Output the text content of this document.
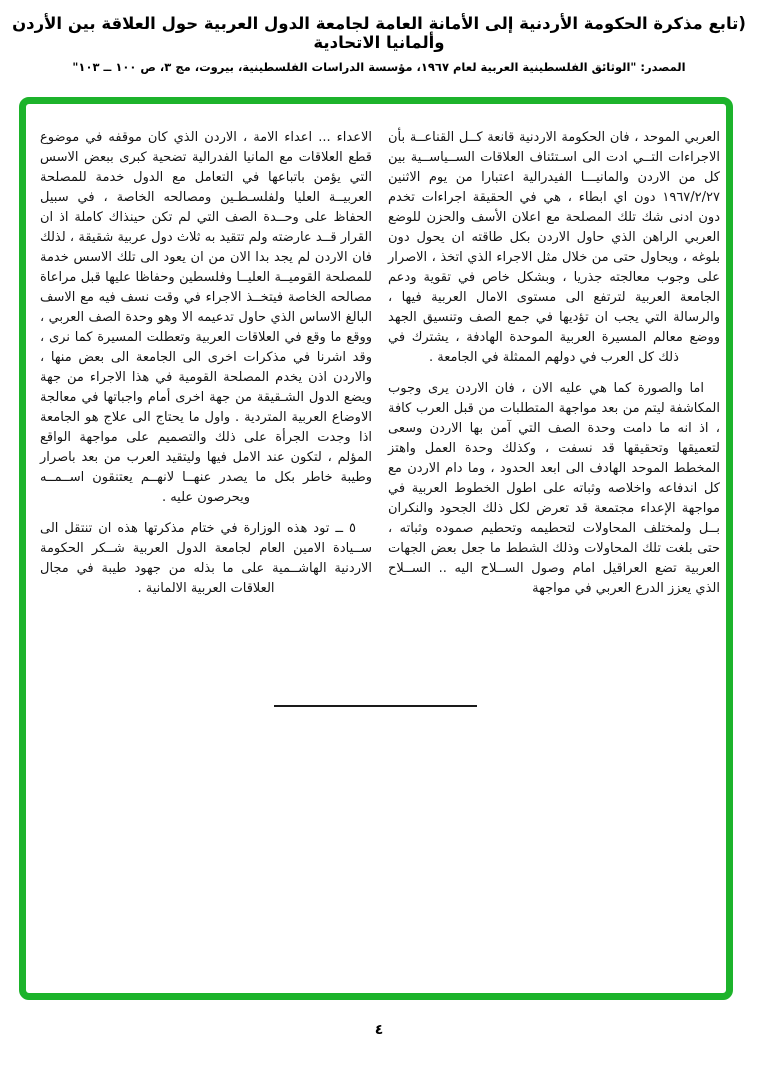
(تابع مذكرة الحكومة الأردنية إلى الأمانة العامة لجامعة الدول العربية حول العلاقة بين الأردن وألمانيا الاتحادية
المصدر: "الوثائق الفلسطينية العربية لعام ١٩٦٧، مؤسسة الدراسات الفلسطينية، بيروت، مج ٣، ص ١٠٠ ــ ١٠٣"

العربي الموحد ، فان الحكومة الاردنية قانعة كــل القناعــة بأن الاجراءات التــي ادت الى اسـتئناف العلاقات الســياســية بين كل من الاردن والمانيـــا الفيدرالية اعتبارا من يوم الاثنين ١٩٦٧/٢/٢٧ دون اي ابطاء ، هي في الحقيقة اجراءات تخدم دون ادنى شك تلك المصلحة مع اعلان الأسف والحزن للوضع العربي الراهن الذي حاول الاردن بكل طاقته ان يحول دون بلوغه ، ويحاول حتى من خلال مثل الاجراء الذي اتخذ ، الاصرار على وجوب معالجته جذريا ، وبشكل خاص في تقوية ودعم الجامعة العربية لترتفع الى مستوى الامال العربية فيها ، والرسالة التي يجب ان تؤديها في جمع الصف وتنسيق الجهد ووضع معالم المسيرة العربية الموحدة الهادفة ، يشترك في ذلك كل العرب في دولهم الممثلة في الجامعة .

اما والصورة كما هي عليه الان ، فان الاردن يرى وجوب المكاشفة ليتم من بعد مواجهة المتطلبات من قبل العرب كافة ، اذ انه ما دامت وحدة الصف التي آمن بها الاردن وسعى لتعميقها وتحقيقها قد نسفت ، وكذلك وحدة العمل واهتز المخطط الموحد الهادف الى ابعد الحدود ، وما دام الاردن مع كل اندفاعه واخلاصه وثباته على اطول الخطوط العربية في مواجهة الإعداء مجتمعة قد تعرض لكل ذلك الجحود والنكران بــل ولمختلف المحاولات لتحطيمه وتحطيم صموده وثباته ، حتى بلغت تلك المحاولات وذلك الشطط ما جعل بعض الجهات العربية تضع العراقيل امام وصول الســلاح اليه .. الســلاح الذي يعزز الدرع العربي في مواجهة

الاعداء ... اعداء الامة ، الاردن الذي كان موقفه في موضوع قطع العلاقات مع المانيا الفدرالية تضحية كبرى ببعض الاسس التي يؤمن باتباعها في التعامل مع الدول خدمة للمصلحة العربيــة العليا ولفلسـطـين ومصالحه الخاصة ، في سبيل الحفاظ على وحــدة الصف التي لم تكن حينذاك كاملة اذ ان القرار قــد عارضته ولم تتقيد به ثلاث دول عربية شقيقة ، لذلك فان الاردن لم يجد بدا الان من ان يعود الى تلك الاسس خدمة للمصلحة القوميــة العليــا وفلسطين وحفاظا عليها قبل مراعاة مصالحه الخاصة فيتخــذ الاجراء في وقت نسف فيه مع الاسف البالغ الاساس الذي حاول تدعيمه الا وهو وحدة الصف العربي ، ووقع ما وقع في العلاقات العربية وتعطلت المسيرة كما نرى ، وقد اشرنا في مذكرات اخرى الى الجامعة الى بعض منها ، والاردن اذن يخدم المصلحة القومية في هذا الاجراء من جهة ويضع الدول الشـقيقة من جهة اخرى أمام واجباتها في معالجة الاوضاع العربية المتردية . واول ما يحتاج الى علاج هو الجامعة اذا وجدت الجرأة على ذلك والتصميم على مواجهة الواقع المؤلم ، لتكون عند الامل فيها وليتقيد العرب من بعد باصرار وطيبة خاطر بكل ما يصدر عنهــا لانهــم يعتنقون اســمــه ويحرصون عليه .

٥ ــ تود هذه الوزارة في ختام مذكرتها هذه ان تنتقل الى ســيادة الامين العام لجامعة الدول العربية شــكر الحكومة الاردنية الهاشــمية على ما بذله من جهود طيبة في مجال العلاقات العربية الالمانية .

٤
